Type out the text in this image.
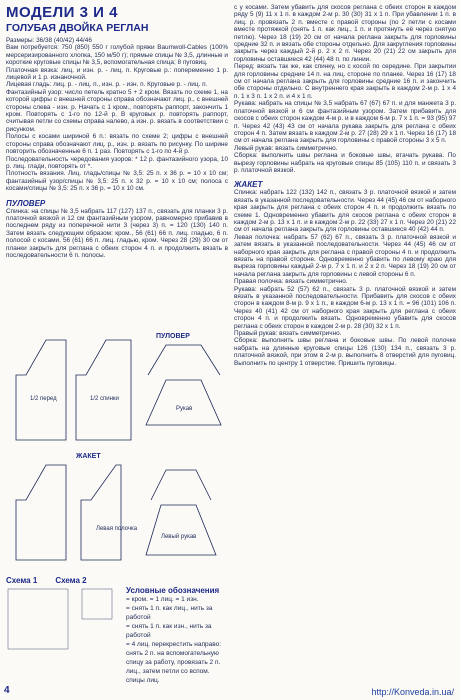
МОДЕЛИ 3 И 4
ГОЛУБАЯ ДВОЙКА РЕГЛАН

Размеры: 36/38 (40/42) 44/46

Вам потребуется: 750 (850) 550 г голубой пряжи Baumwoll-Cables (100% мерсеризированного хлопка, 150 м/50 г); прямые спицы № 3,5, длинные и короткие круговые спицы № 3,5, вспомогательная спица; 8 пуговиц.

Платочная вязка: лиц. и изн. р. - лиц. п. Круговые р.: попеременно 1 р. лицевой и 1 р. изнаночной.

Лицевая гладь: лиц. р. - лиц. п., изн. р. - изн. п. Круговые р. - лиц. п.

Фантазийный узор: число петель кратно 5 + 2 кром. Вязать по схеме 1, на которой цифры с внешней стороны справа обозначают лиц. р., с внешней стороны слева - изн. р. Начать с 1 кром., повторять раппорт, закончить 1 кром. Повторять с 1-го по 12-й р. В круговых р. повторять раппорт, считывая петли со схемы справа налево, а изн. р. вязать в соответствии с рисунком.

Полосы с косами шириной 6 п.: вязать по схеме 2; цифры с внешней стороны справа обозначают лиц. р., изн. р. вязать по рисунку. По ширине повторить обозначенные 6 п. 1 раз. Повторять с 1-го по 4-й р.

Последовательность чередования узоров: * 12 р. фантазийного узора, 10 р. лиц. глади, повторять от *.

Плотность вязания. Лиц. гладь/спицы № 3,5: 25 п. х 36 р. = 10 х 10 см; фантазийный узор/спицы № 3,5: 25 п. х 32 р. = 10 х 10 см; полоса с косами/спицы № 3,5: 25 п. х 36 р. = 10 х 10 см.

ПУЛОВЕР

Спинка: на спицы № 3,5 набрать 117 (127) 137 п., связать для планки 3 р. платочной вязкой и 12 см фантазийным узором, равномерно прибавив в последнем ряду из поперечной нити 3 (через 3) п. = 120 (130) 140 п. Затем вязать следующим образом: кром., 56 (61) 66 п. лиц. гладью, 6 п. полосой с косами, 56 (61) 66 п. лиц. гладью, кром. Через 28 (29) 30 см от планки закрыть для реглана с обеих сторон 4 п. и продолжить вязать в последовательности 6 п. полосы.

1/2 перед	1/2 спинки
Рукав
ПУЛОВЕР
Левая полочка
Левый рукав
ЖАКЕТ
Схема 1 Схема 2
Условные обозначения
= кром. = 1 лиц. = 1 изн.
= снять 1 п. как лиц., нить за работой
= снять 1 п. как изн., нить за работой
= 4 лиц. перекрестить направо: снять 2 п. на вспомогательную спицу за работу, провязать 2 п. лиц., затем петли со вспом. спицы лиц.

с у косами. Затем убавить для скосов реглана с обеих сторон в каждом ряду 5 (9) 11 х 1 п. в каждом 2-м р. 30 (30) 31 х 1 п. При убавлении 1 п. в лиц. р. провязать 2 п. вместе с правой стороны (по 2 петли с косами вместе протяжкой (снять 1 п. как лиц., 1 п. и протянуть её через снятую петлю). Через 18 (19) 20 см от начала реглана закрыть для горловины средние 32 п. и вязать обе стороны отдельно. Для закругления горловины закрыть через каждый 2-й р. 2 х 2 п. Через 20 (21) 22 см закрыть для горловины оставшиеся 42 (44) 48 п. по линии.

Перед: вязать так же, как спинку, но с косой по середине. При закрытии для горловины средние 14 п. на лиц. стороне по планке. Через 16 (17) 18 см от начала реглана закрыть для горловины средние 16 п. и закончить обе стороны отдельно. С внутреннего края закрыть в каждом 2-м р. 1 х 4 п. 1 х 3 п. 1 х 2 п. и 4 х 1 п.

Рукава: набрать на спицы № 3,5 набрать 67 (67) 67 п. и для манжета 3 р. платочной вязкой и 6 см фантазийным узором. Затем прибавить для скосов с обеих сторон каждом 4-м р. и в каждом 6-м р. 7 х 1 п. = 93 (95) 97 п. Через 42 (43) 43 см от начала рукава закрыть для реглана с обеих сторон 4 п. Затем вязать в каждом 2-м р. 27 (28) 29 х 1 п. Через 16 (17) 18 см от начала реглана закрыть для горловины с правой стороны 3 х 5 п.

Левый рукав: вязать симметрично.

Сборка: выполнить швы реглана и боковые швы, втачать рукава. По вырезу горловины набрать на круговые спицы 85 (105) 110 п. и связать 3 р. платочной вязкой.

ЖАКЕТ

Спинка: набрать 122 (132) 142 п., связать 3 р. платочной вязкой и затем вязать в указанной последовательности. Через 44 (45) 46 см от наборного края закрыть для реглана с обеих сторон 4 п. и продолжить вязать по схеме 1. Одновременно убавить для скосов реглана с обеих сторон в каждом 2-м р. 13 х 1 п. и в каждом 2-м р. 22 (33) 27 х 1 п. Через 20 (21) 22 см от начала реглана закрыть для горловины оставшиеся 40 (42) 44 п.

Левая полочка: набрать 57 (62) 67 п., связать 3 р. платочной вязкой и затем вязать в указанной последовательности. Через 44 (45) 46 см от наборного края закрыть для реглана с правой стороны 4 п. и продолжить вязать на правой стороне. Одновременно убавить по левому краю для выреза горловины каждый 2-м р. 7 х 1 п. и 2 х 2 п. Через 18 (19) 20 см от начала реглана закрыть для горловины с левой стороны 6 п.

Правая полочка: вязать симметрично.

Рукава: набрать 52 (57) 62 п., связать 3 р. платочной вязкой и затем вязать в указанной последовательности. Прибавить для скосов с обеих сторон в каждом 8-м р. 9 х 1 п., в каждом 6-м р. 13 х 1 п. = 96 (101) 106 п. Через 40 (41) 42 см от наборного края закрыть для реглана с обеих сторон 4 п. и продолжить вязать. Одновременно убавить для скосов реглана с обеих сторон в каждом 2-м р. 28 (30) 32 х 1 п.

Правый рукав: вязать симметрично.

Сборка: выполнить швы реглана и боковые швы. По левой полочке набрать на длинные круговые спицы 126 (130) 134 п., связать 3 р. платочной вязкой, при этом в 2-м р. выполнить 8 отверстий для пуговиц. Выполнить по центру 1 отверстие. Пришить пуговицы.

4	http://Konveda.in.ua/
